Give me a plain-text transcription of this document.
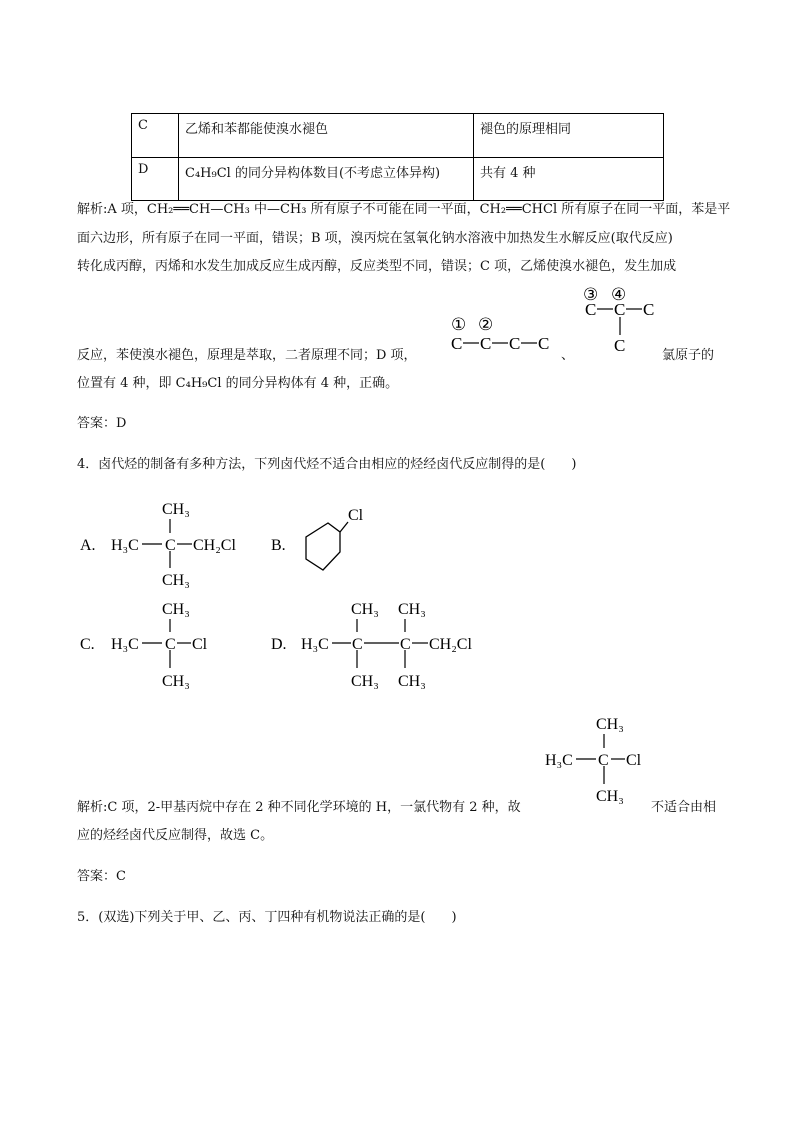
C	乙烯和苯都能使溴水褪色	褪色的原理相同
D	C₄H₉Cl 的同分异构体数目(不考虑立体异构)	共有 4 种
解析:A 项，CH₂══CH—CH₃ 中—CH₃ 所有原子不可能在同一平面，CH₂══CHCl 所有原子在同一平面，苯是平
面六边形，所有原子在同一平面，错误；B 项，溴丙烷在氢氧化钠水溶液中加热发生水解反应(取代反应)
转化成丙醇，丙烯和水发生加成反应生成丙醇，反应类型不同，错误；C 项，乙烯使溴水褪色，发生加成
反应，苯使溴水褪色，原理是萃取，二者原理不同；D 项，
① ②
C C C C
、
③ ④
C C C
C
氯原子的
位置有 4 种，即 C₄H₉Cl 的同分异构体有 4 种，正确。
答案：D
4．卤代烃的制备有多种方法，下列卤代烃不适合由相应的烃经卤代反应制得的是(　　)
A. H₃C C CH₂Cl
CH₃
CH₃
B.
Cl
C. H₃C C Cl
CH₃
CH₃
D. H₃C C C CH₂Cl
CH₃ CH₃
CH₃ CH₃
H₃C C Cl
CH₃
CH₃
解析:C 项，2-甲基丙烷中存在 2 种不同化学环境的 H，一氯代物有 2 种，故	不适合由相
应的烃经卤代反应制得，故选 C。
答案：C
5．(双选)下列关于甲、乙、丙、丁四种有机物说法正确的是(　　)
